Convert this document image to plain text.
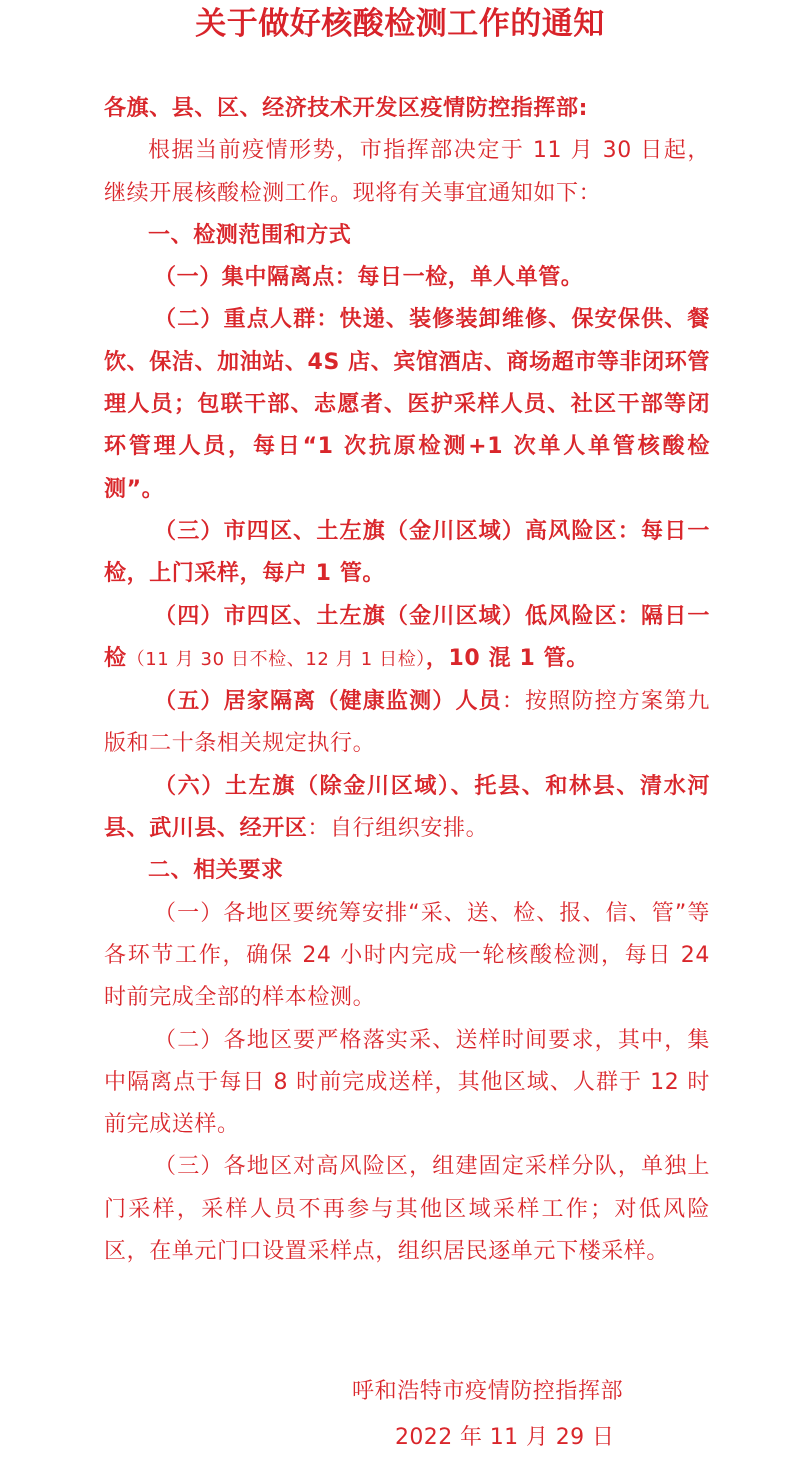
关于做好核酸检测工作的通知

各旗、县、区、经济技术开发区疫情防控指挥部:

根据当前疫情形势，市指挥部决定于 11 月 30 日起，继续开展核酸检测工作。现将有关事宜通知如下：

一、检测范围和方式

（一）集中隔离点：每日一检，单人单管。

（二）重点人群：快递、装修装卸维修、保安保供、餐饮、保洁、加油站、4S 店、宾馆酒店、商场超市等非闭环管理人员；包联干部、志愿者、医护采样人员、社区干部等闭环管理人员，每日“1 次抗原检测+1 次单人单管核酸检测”。

（三）市四区、土左旗（金川区域）高风险区：每日一检，上门采样，每户 1 管。

（四）市四区、土左旗（金川区域）低风险区：隔日一检（11 月 30 日不检、12 月 1 日检），10 混 1 管。

（五）居家隔离（健康监测）人员：按照防控方案第九版和二十条相关规定执行。

（六）土左旗（除金川区域）、托县、和林县、清水河县、武川县、经开区：自行组织安排。

二、相关要求

（一）各地区要统筹安排“采、送、检、报、信、管”等各环节工作，确保 24 小时内完成一轮核酸检测，每日 24 时前完成全部的样本检测。

（二）各地区要严格落实采、送样时间要求，其中，集中隔离点于每日 8 时前完成送样，其他区域、人群于 12 时前完成送样。

（三）各地区对高风险区，组建固定采样分队，单独上门采样，采样人员不再参与其他区域采样工作；对低风险区，在单元门口设置采样点，组织居民逐单元下楼采样。

呼和浩特市疫情防控指挥部
2022 年 11 月 29 日
